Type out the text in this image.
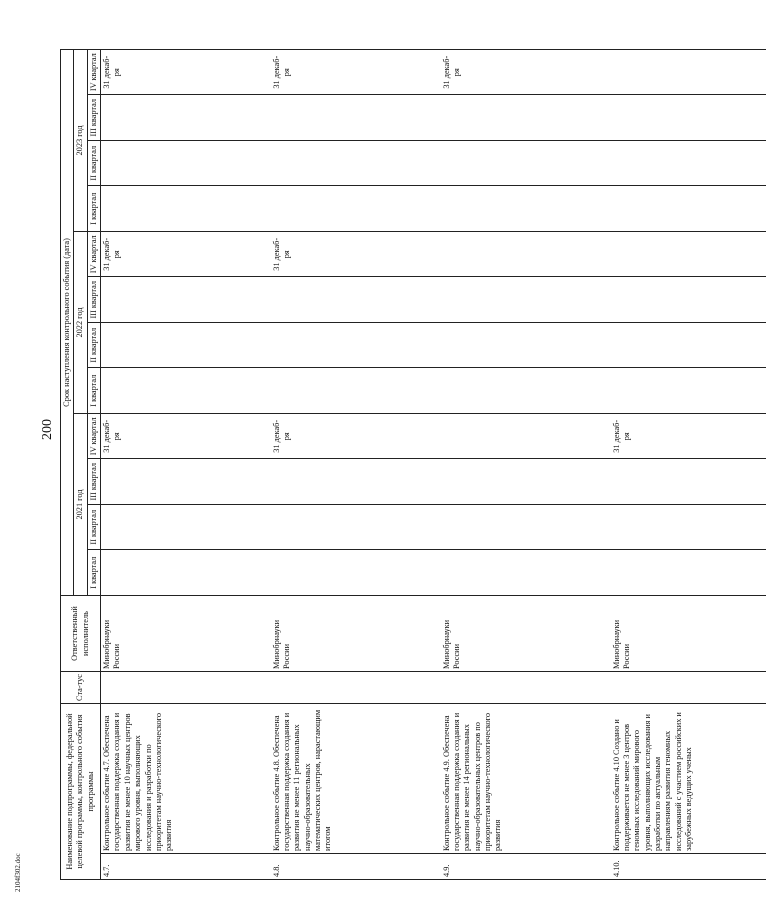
200
2104f302.doc
Наименование подпрограммы, федеральной целевой программы, контрольного события программы		Ста-тус	Ответственный исполнитель	Срок наступления контрольного события (дата)											
				2021 год				2022 год				2023 год			
				I квартал	II квартал	III квартал	IV квартал	I квартал	II квартал	III квартал	IV квартал	I квартал	II квартал	III квартал	IV квартал
4.7.	Контрольное событие 4.7. Обеспечена государственная поддержка создания и развития не менее 10 научных центров мирового уровня, выполняющих исследования и разработки по приоритетам научно-технологического развития		Минобрнауки России				31 декаб-ря				31 декаб-ря				31 декаб-ря
4.8.	Контрольное событие 4.8. Обеспечена государственная поддержка создания и развития не менее 11 региональных научно-образовательных математических центров, нарастающим итогом		Минобрнауки России				31 декаб-ря				31 декаб-ря				31 декаб-ря
4.9.	Контрольное событие 4.9. Обеспечена государственная поддержка создания и развития не менее 14 региональных научно-образовательных центров по приоритетам научно-технологического развития		Минобрнауки России												31 декаб-ря
4.10.	Контрольное событие 4.10 Создано и поддерживается не менее 3 центров геномных исследований мирового уровня, выполняющих исследования и разработки по актуальным направлениям развития геномных исследований с участием российских и зарубежных ведущих ученых		Минобрнауки России				31 декаб-ря								
